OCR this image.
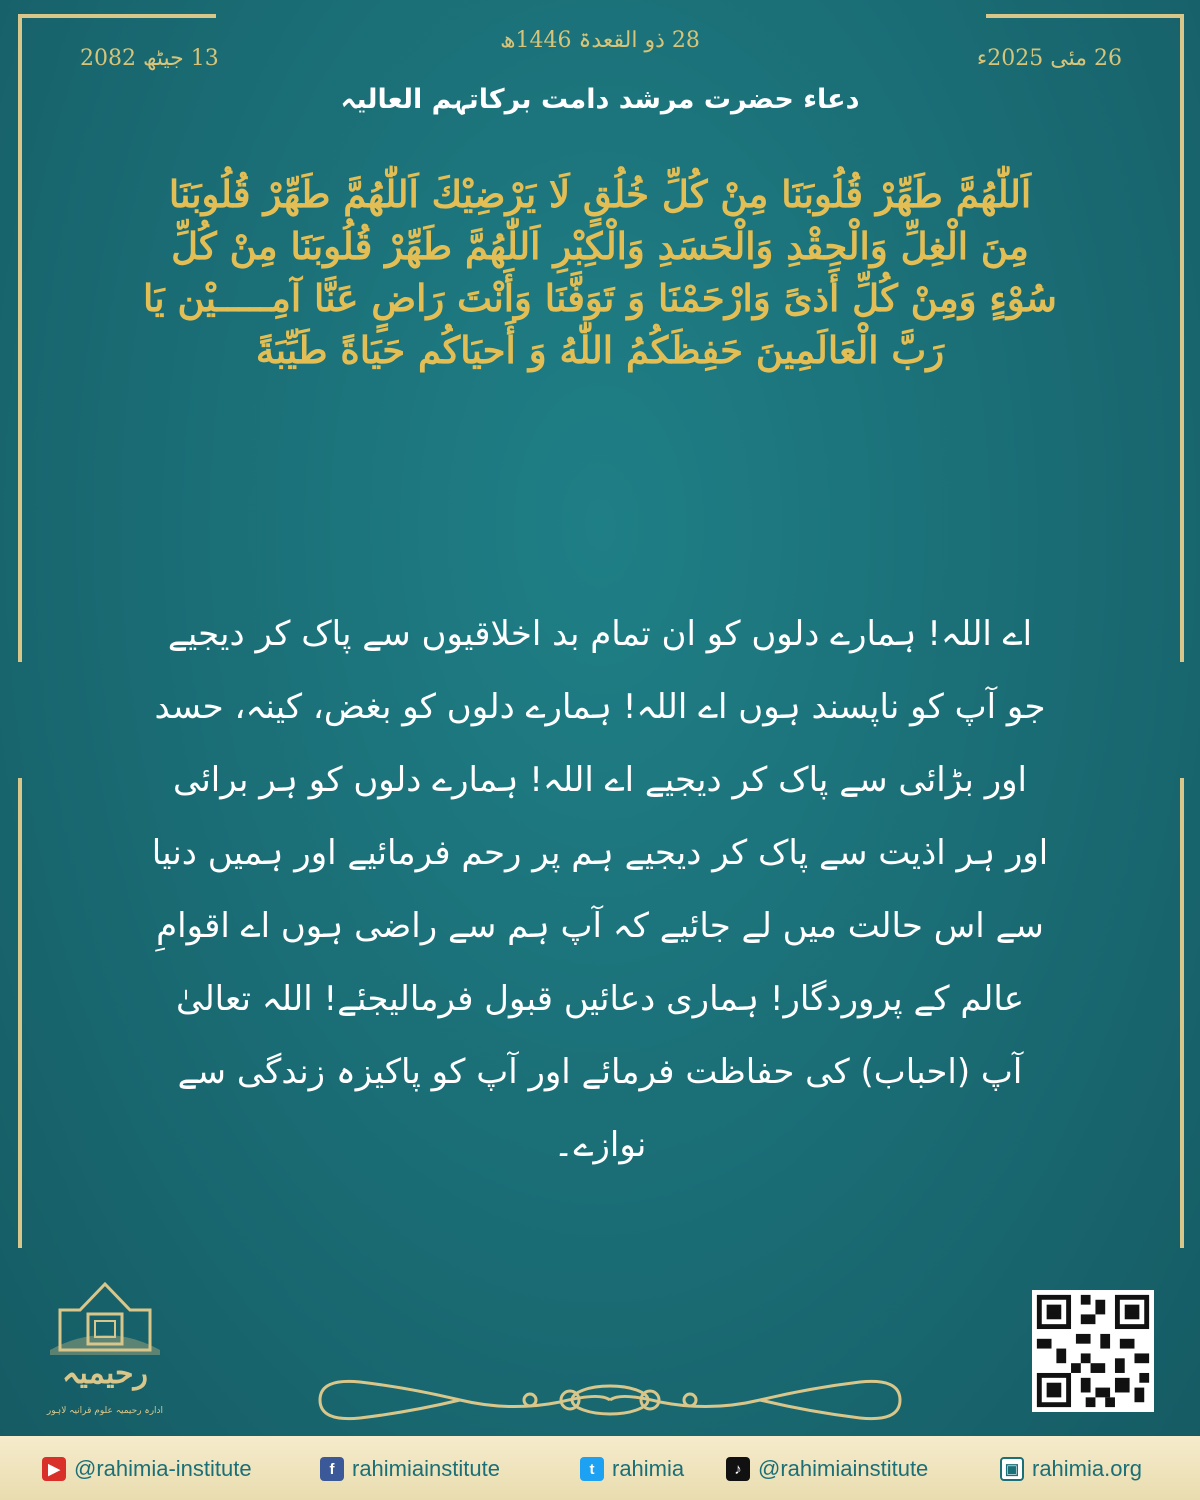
28 ذو القعدۃ 1446ھ
26 مئی 2025ء
13 جیٹھ 2082
دعاء حضرت مرشد دامت برکاتہم العالیہ
اَللّٰهُمَّ طَهِّرْ قُلُوبَنَا مِنْ كُلِّ خُلُقٍ لَا يَرْضِيْكَ اَللّٰهُمَّ طَهِّرْ قُلُوبَنَا مِنَ الْغِلِّ وَالْحِقْدِ وَالْحَسَدِ وَالْكِبْرِ اَللّٰهُمَّ طَهِّرْ قُلُوبَنَا مِنْ كُلِّ سُوْءٍ وَمِنْ كُلِّ أَذىً وَارْحَمْنَا وَ تَوَفَّنَا وَأَنْتَ رَاضٍ عَنَّا آمِـــــيْن يَا رَبَّ الْعَالَمِينَ حَفِظَكُمُ اللّٰهُ وَ أَحيَاكُم حَيَاةً طَيِّبَةً
اے اللہ! ہمارے دلوں کو ان تمام بد اخلاقیوں سے پاک کر دیجیے جو آپ کو ناپسند ہوں اے اللہ! ہمارے دلوں کو بغض، کینہ، حسد اور بڑائی سے پاک کر دیجیے اے اللہ! ہمارے دلوں کو ہر برائی اور ہر اذیت سے پاک کر دیجیے ہم پر رحم فرمائیے اور ہمیں دنیا سے اس حالت میں لے جائیے کہ آپ ہم سے راضی ہوں اے اقوامِ عالم کے پروردگار! ہماری دعائیں قبول فرمالیجئے! اللہ تعالیٰ آپ (احباب) کی حفاظت فرمائے اور آپ کو پاکیزہ زندگی سے نوازے۔
رحیمیہ
ادارہ رحیمیہ علوم قرآنیہ لاہور
▶ @rahimia-institute	f rahimiainstitute	t rahimia	♪ @rahimiainstitute	▣ rahimia.org
